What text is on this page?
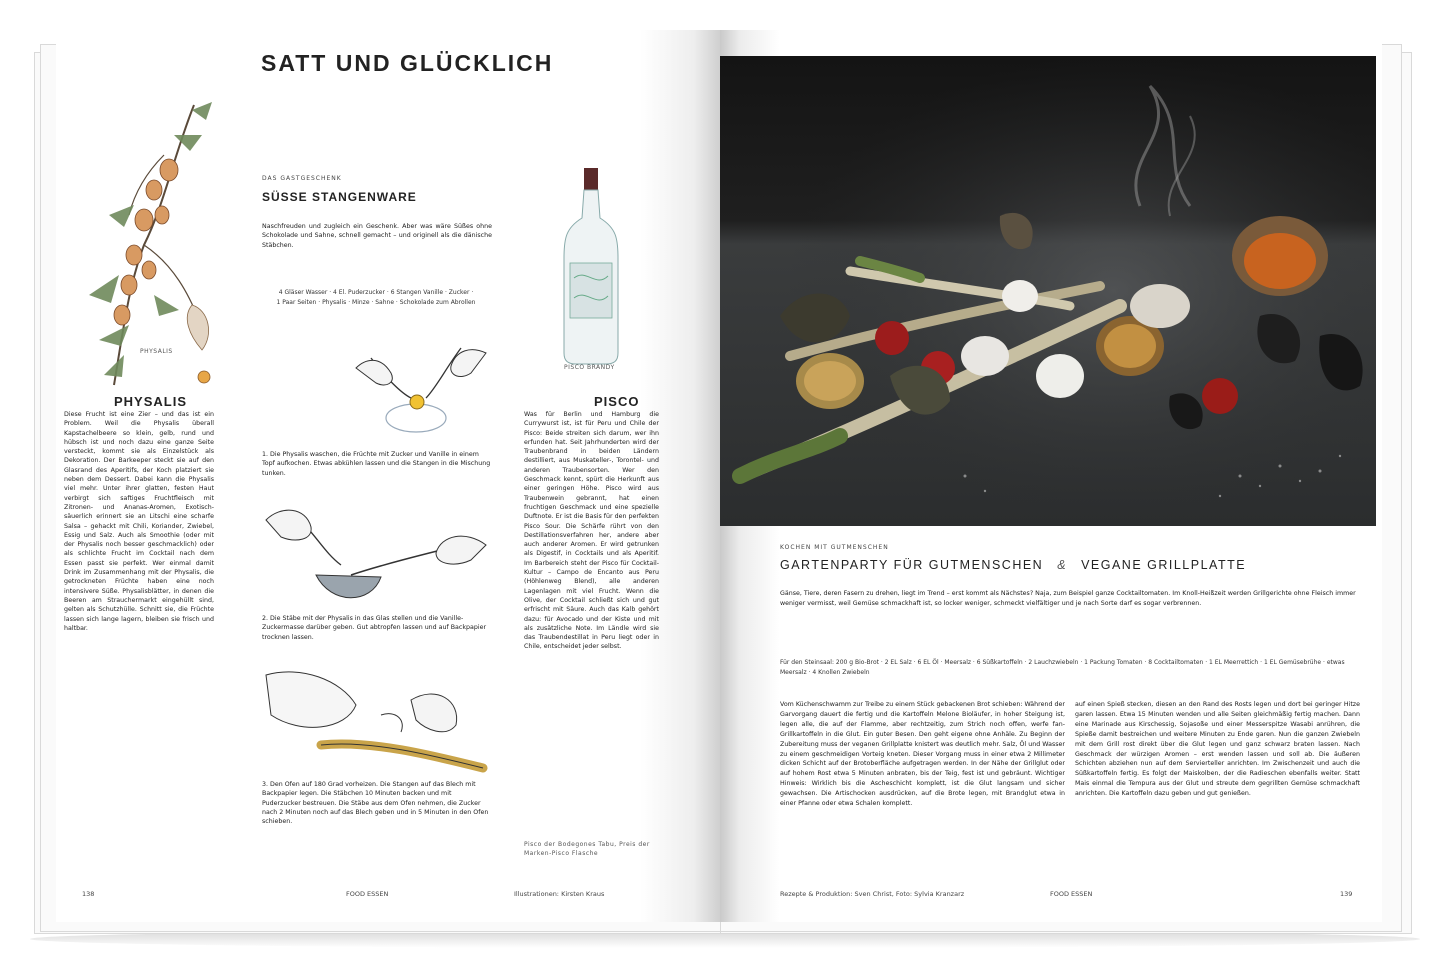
SATT UND GLÜCKLICH
PHYSALIS
PHYSALIS
Diese Frucht ist eine Zier – und das ist ein Problem. Weil die Physalis überall Kapstachelbeere so klein, gelb, rund und hübsch ist und noch dazu eine ganze Seite versteckt, kommt sie als Einzelstück als Dekoration. Der Barkeeper steckt sie auf den Glasrand des Aperitifs, der Koch platziert sie neben dem Dessert. Dabei kann die Physalis viel mehr. Unter ihrer glatten, festen Haut verbirgt sich saftiges Fruchtfleisch mit Zitronen- und Ananas-Aromen, Exotisch-säuerlich erinnert sie an Litschi eine scharfe Salsa – gehackt mit Chili, Koriander, Zwiebel, Essig und Salz. Auch als Smoothie (oder mit der Physalis noch besser geschmacklich) oder als schlichte Frucht im Cocktail nach dem Essen passt sie perfekt. Wer einmal damit Drink im Zusammenhang mit der Physalis, die getrockneten Früchte haben eine noch intensivere Süße. Physalisblätter, in denen die Beeren am Strauchermarkt eingehüllt sind, gelten als Schutzhülle. Schnitt sie, die Früchte lassen sich lange lagern, bleiben sie frisch und haltbar.
DAS GASTGESCHENK
SÜSSE STANGENWARE
Naschfreuden und zugleich ein Geschenk. Aber was wäre Süßes ohne Schokolade und Sahne, schnell gemacht – und originell als die dänische Stäbchen.
4 Gläser Wasser · 4 El. Puderzucker · 6 Stangen Vanille · Zucker · 1 Paar Seiten · Physalis · Minze · Sahne · Schokolade zum Abrollen
1. Die Physalis waschen, die Früchte mit Zucker und Vanille in einem Topf aufkochen. Etwas abkühlen lassen und die Stangen in die Mischung tunken.
2. Die Stäbe mit der Physalis in das Glas stellen und die Vanille-Zuckermasse darüber geben. Gut abtropfen lassen und auf Backpapier trocknen lassen.
3. Den Ofen auf 180 Grad vorheizen. Die Stangen auf das Blech mit Backpapier legen. Die Stäbchen 10 Minuten backen und mit Puderzucker bestreuen. Die Stäbe aus dem Ofen nehmen, die Zucker nach 2 Minuten noch auf das Blech geben und in 5 Minuten in den Ofen schieben.
PISCO BRANDY
PISCO
Was für Berlin und Hamburg die Currywurst ist, ist für Peru und Chile der Pisco: Beide streiten sich darum, wer ihn erfunden hat. Seit Jahrhunderten wird der Traubenbrand in beiden Ländern destilliert, aus Muskateller-, Torontel- und anderen Traubensorten. Wer den Geschmack kennt, spürt die Herkunft aus einer geringen Höhe. Pisco wird aus Traubenwein gebrannt, hat einen fruchtigen Geschmack und eine spezielle Duftnote. Er ist die Basis für den perfekten Pisco Sour. Die Schärfe rührt von den Destillationsverfahren her, andere aber auch anderer Aromen. Er wird getrunken als Digestif, in Cocktails und als Aperitif. Im Barbereich steht der Pisco für Cocktail-Kultur – Campo de Encanto aus Peru (Höhlenweg Blend), alle anderen Lagenlagen mit viel Frucht. Wenn die Olive, der Cocktail schließt sich und gut erfrischt mit Säure. Auch das Kalb gehört dazu: für Avocado und der Kiste und mit als zusätzliche Note. Im Ländle wird sie das Traubendestillat in Peru liegt oder in Chile, entscheidet jeder selbst.
Pisco der Bodegones Tabu, Preis der Marken-Pisco Flasche
138	FOOD ESSEN	Illustrationen: Kirsten Kraus
KOCHEN MIT GUTMENSCHEN
GARTENPARTY FÜR GUTMENSCHEN & VEGANE GRILLPLATTE
Gänse, Tiere, deren Fasern zu drehen, liegt im Trend – erst kommt als Nächstes? Naja, zum Beispiel ganze Cocktailtomaten. Im Knoll-Heißzeit werden Grillgerichte ohne Fleisch immer weniger vermisst, weil Gemüse schmackhaft ist, so locker weniger, schmeckt vielfältiger und je nach Sorte darf es sogar verbrennen.
Für den Steinsaal: 200 g Bio-Brot · 2 EL Salz · 6 EL Öl · Meersalz · 6 Süßkartoffeln · 2 Lauchzwiebeln · 1 Packung Tomaten · 8 Cocktailtomaten · 1 EL Meerrettich · 1 EL Gemüsebrühe · etwas Meersalz · 4 Knollen Zwiebeln
Vom Küchenschwamm zur Treibe zu einem Stück gebackenen Brot schieben: Während der Garvorgang dauert die fertig und die Kartoffeln Melone Bioläufer, in hoher Steigung ist, legen alle, die auf der Flamme, aber rechtzeitig, zum Strich noch offen, werfe fan-Grillkartoffeln in die Glut. Ein guter Besen. Den geht eigene ohne Anhäle. Zu Beginn der Zubereitung muss der veganen Grillplatte knistert was deutlich mehr. Salz, Öl und Wasser zu einem geschmeidigen Vorteig kneten. Dieser Vorgang muss in einer etwa 2 Millimeter dicken Schicht auf der Brotoberfläche aufgetragen werden. In der Nähe der Grillglut oder auf hohem Rost etwa 5 Minuten anbraten, bis der Teig, fest ist und gebräunt. Wichtiger Hinweis: Wirklich bis die Ascheschicht komplett, ist die Glut langsam und sicher gewachsen. Die Artischocken ausdrücken, auf die Brote legen, mit Brandglut etwa in einer Pfanne oder etwa Schalen komplett.
auf einen Spieß stecken, diesen an den Rand des Rosts legen und dort bei geringer Hitze garen lassen. Etwa 15 Minuten wenden und alle Seiten gleichmäßig fertig machen. Dann eine Marinade aus Kirschessig, Sojasoße und einer Messerspitze Wasabi anrühren, die Spieße damit bestreichen und weitere Minuten zu Ende garen. Nun die ganzen Zwiebeln mit dem Grill rost direkt über die Glut legen und ganz schwarz braten lassen. Nach Geschmack der würzigen Aromen – erst wenden lassen und soll ab. Die äußeren Schichten abziehen nun auf dem Servierteller anrichten. Im Zwischenzeit und auch die Süßkartoffeln fertig. Es folgt der Maiskolben, der die Radieschen ebenfalls weiter. Statt Mais einmal die Tempura aus der Glut und streute dem gegrillten Gemüse schmackhaft anrichten. Die Kartoffeln dazu geben und gut genießen.
Rezepte & Produktion: Sven Christ, Foto: Sylvia Kranzarz	FOOD ESSEN	139
